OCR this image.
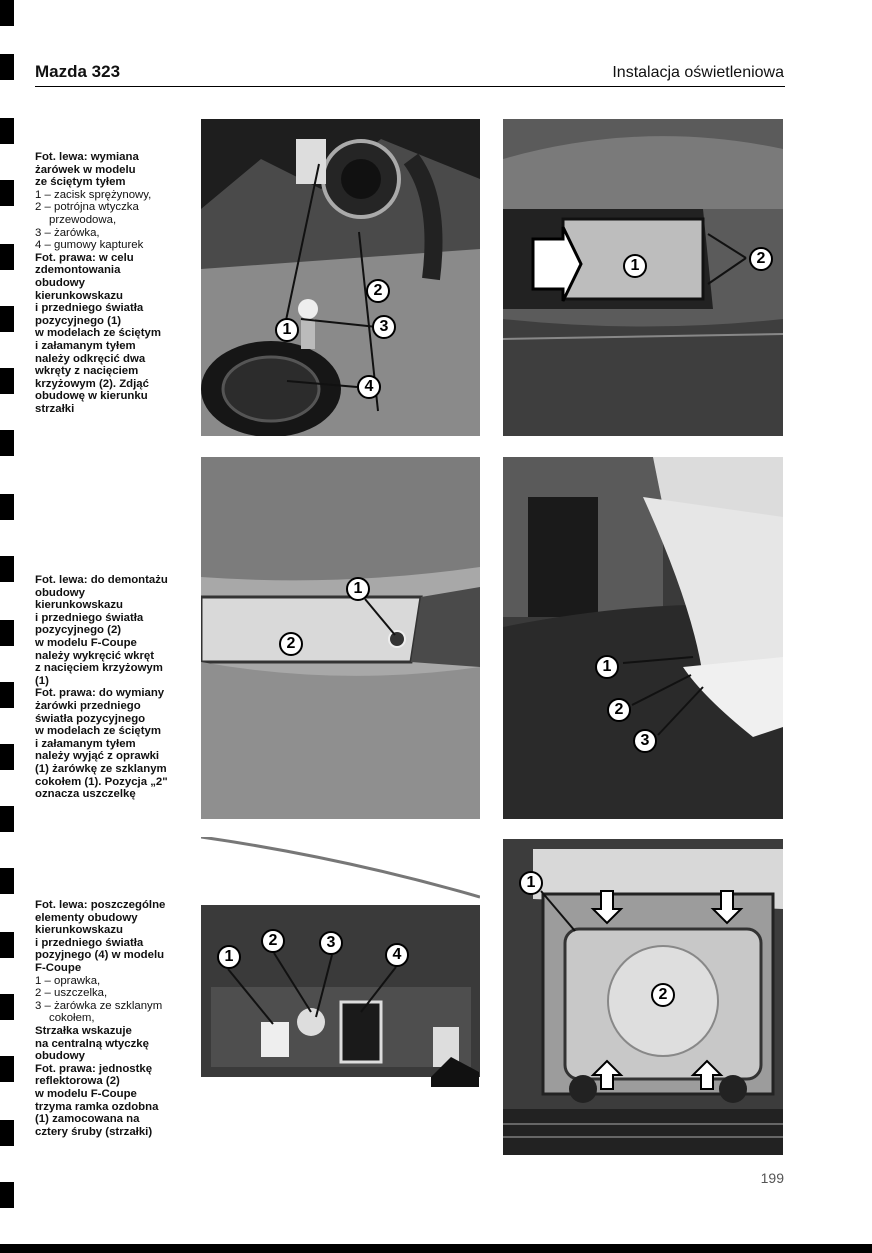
Mazda 323	Instalacja oświetleniowa
Fot. lewa: wymiana
żarówek w modelu
ze ściętym tyłem
1 – zacisk sprężynowy,
2 – potrójna wtyczka
przewodowa,
3 – żarówka,
4 – gumowy kapturek
Fot. prawa: w celu
zdemontowania
obudowy
kierunkowskazu
i przedniego światła
pozycyjnego (1)
w modelach ze ściętym
i załamanym tyłem
należy odkręcić dwa
wkręty z nacięciem
krzyżowym (2). Zdjąć
obudowę w kierunku
strzałki
Fot. lewa: do demontażu
obudowy
kierunkowskazu
i przedniego światła
pozycyjnego (2)
w modelu F-Coupe
należy wykręcić wkręt
z nacięciem krzyżowym
(1)
Fot. prawa: do wymiany
żarówki przedniego
światła pozycyjnego
w modelach ze ściętym
i załamanym tyłem
należy wyjąć z oprawki
(1) żarówkę ze szklanym
cokołem (1). Pozycja „2"
oznacza uszczelkę
Fot. lewa: poszczególne
elementy obudowy
kierunkowskazu
i przedniego światła
pozyjnego (4) w modelu
F-Coupe
1 – oprawka,
2 – uszczelka,
3 – żarówka ze szklanym
cokołem,
Strzałka wskazuje
na centralną wtyczkę
obudowy
Fot. prawa: jednostkę
reflektorowa (2)
w modelu F-Coupe
trzyma ramka ozdobna
(1) zamocowana na
cztery śruby (strzałki)
1
2
3
4
1	2
1
2
1
2
3
1
2	3
4
1
2
199
